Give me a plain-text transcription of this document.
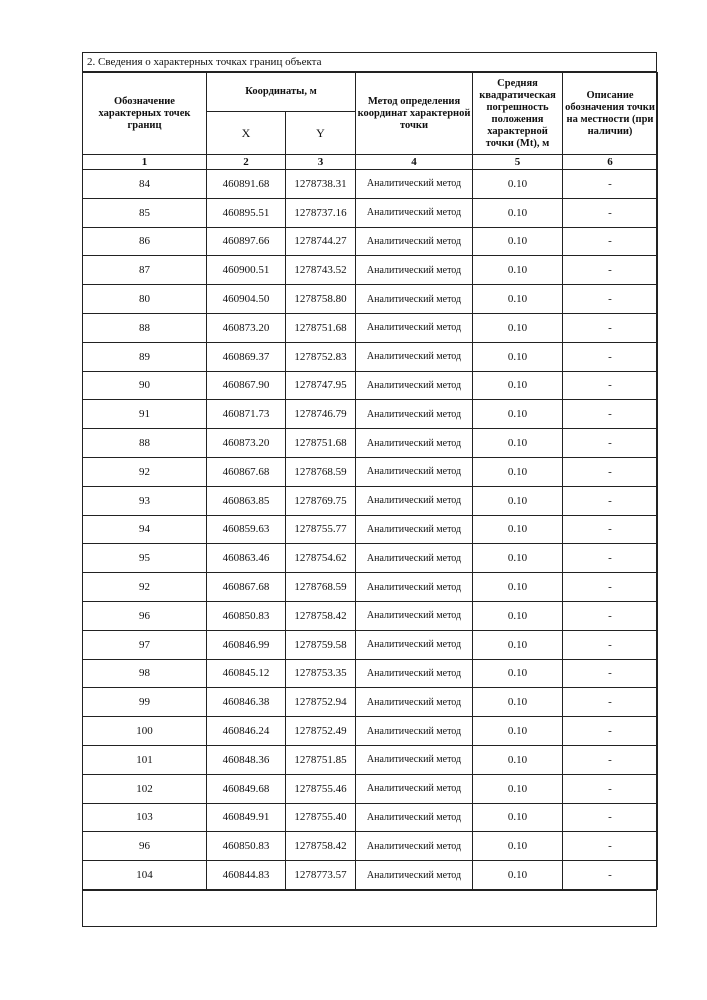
2. Сведения о характерных точках границ объекта
Обозначение характерных точек границ	Координаты, м		Метод определения координат характерной точки	Средняя квадратическая погрешность положения характерной точки (Mt), м	Описание обозначения точки на местности (при наличии)
	X	Y			
1	2	3	4	5	6
84	460891.68	1278738.31	Аналитический метод	0.10	-
85	460895.51	1278737.16	Аналитический метод	0.10	-
86	460897.66	1278744.27	Аналитический метод	0.10	-
87	460900.51	1278743.52	Аналитический метод	0.10	-
80	460904.50	1278758.80	Аналитический метод	0.10	-
88	460873.20	1278751.68	Аналитический метод	0.10	-
89	460869.37	1278752.83	Аналитический метод	0.10	-
90	460867.90	1278747.95	Аналитический метод	0.10	-
91	460871.73	1278746.79	Аналитический метод	0.10	-
88	460873.20	1278751.68	Аналитический метод	0.10	-
92	460867.68	1278768.59	Аналитический метод	0.10	-
93	460863.85	1278769.75	Аналитический метод	0.10	-
94	460859.63	1278755.77	Аналитический метод	0.10	-
95	460863.46	1278754.62	Аналитический метод	0.10	-
92	460867.68	1278768.59	Аналитический метод	0.10	-
96	460850.83	1278758.42	Аналитический метод	0.10	-
97	460846.99	1278759.58	Аналитический метод	0.10	-
98	460845.12	1278753.35	Аналитический метод	0.10	-
99	460846.38	1278752.94	Аналитический метод	0.10	-
100	460846.24	1278752.49	Аналитический метод	0.10	-
101	460848.36	1278751.85	Аналитический метод	0.10	-
102	460849.68	1278755.46	Аналитический метод	0.10	-
103	460849.91	1278755.40	Аналитический метод	0.10	-
96	460850.83	1278758.42	Аналитический метод	0.10	-
104	460844.83	1278773.57	Аналитический метод	0.10	-
